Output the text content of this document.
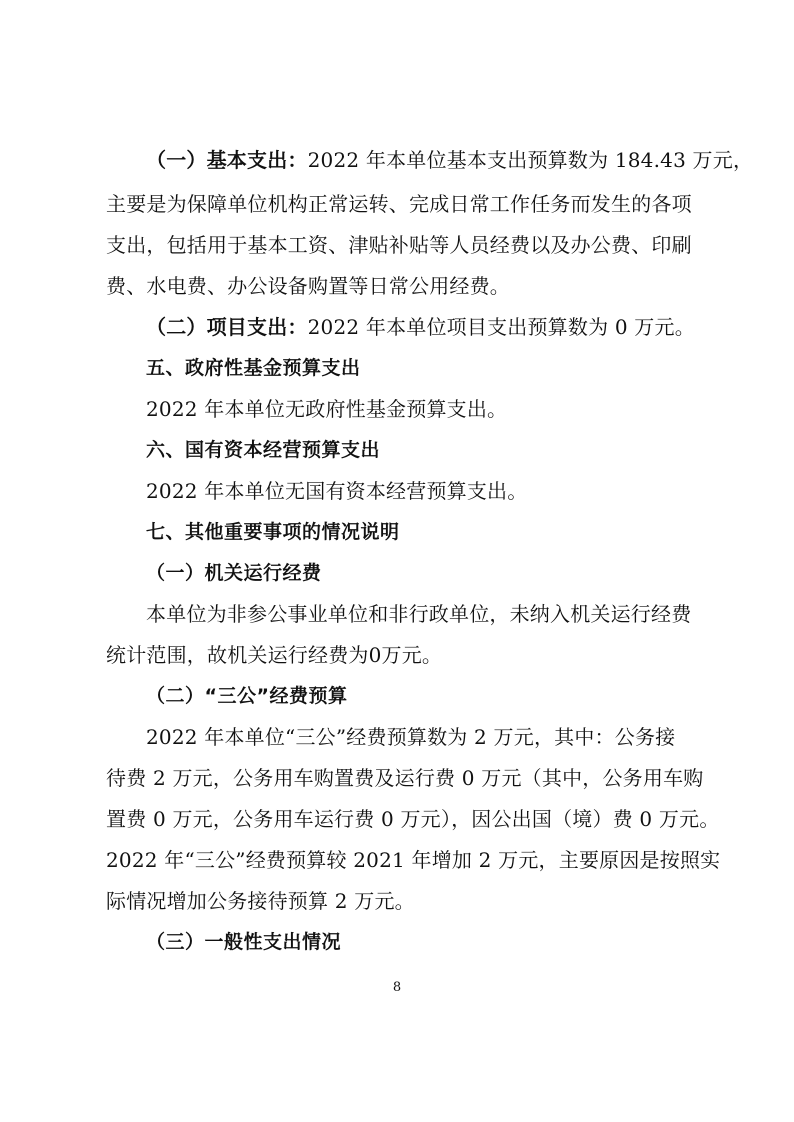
（一）基本支出：2022 年本单位基本支出预算数为 184.43 万元，
主要是为保障单位机构正常运转、完成日常工作任务而发生的各项
支出，包括用于基本工资、津贴补贴等人员经费以及办公费、印刷
费、水电费、办公设备购置等日常公用经费。
（二）项目支出：2022 年本单位项目支出预算数为 0 万元。
五、政府性基金预算支出
2022 年本单位无政府性基金预算支出。
六、国有资本经营预算支出
2022 年本单位无国有资本经营预算支出。
七、其他重要事项的情况说明
（一）机关运行经费
本单位为非参公事业单位和非行政单位，未纳入机关运行经费
统计范围，故机关运行经费为0万元。
（二）“三公”经费预算
2022 年本单位“三公”经费预算数为 2 万元，其中：公务接
待费 2 万元，公务用车购置费及运行费 0 万元（其中，公务用车购
置费 0 万元，公务用车运行费 0 万元），因公出国（境）费 0 万元。
2022 年“三公”经费预算较 2021 年增加 2 万元，主要原因是按照实
际情况增加公务接待预算 2 万元。
（三）一般性支出情况
8
